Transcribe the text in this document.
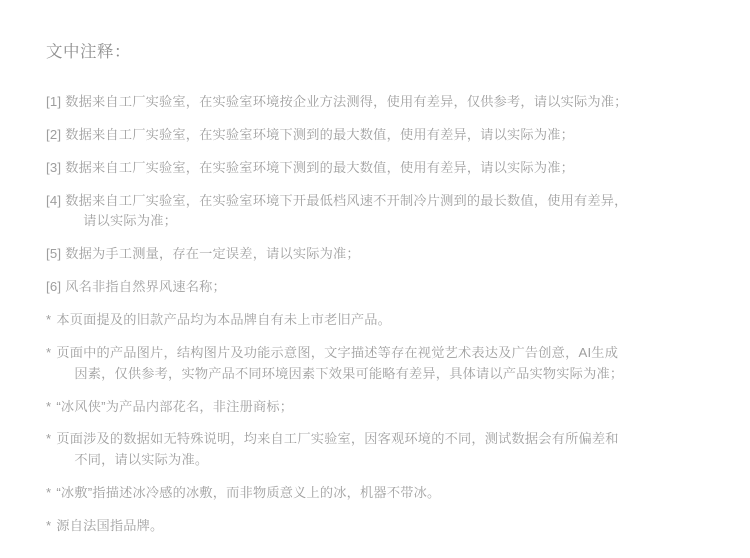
文中注释：
[1] 数据来自工厂实验室，在实验室环境按企业方法测得，使用有差异，仅供参考，请以实际为准；
[2] 数据来自工厂实验室，在实验室环境下测到的最大数值，使用有差异，请以实际为准；
[3] 数据来自工厂实验室，在实验室环境下测到的最大数值，使用有差异，请以实际为准；
[4] 数据来自工厂实验室，在实验室环境下开最低档风速不开制冷片测到的最长数值，使用有差异，
请以实际为准；
[5] 数据为手工测量，存在一定误差，请以实际为准；
[6] 风名非指自然界风速名称；
* 本页面提及的旧款产品均为本品牌自有未上市老旧产品。
* 页面中的产品图片，结构图片及功能示意图，文字描述等存在视觉艺术表达及广告创意，AI生成
因素，仅供参考，实物产品不同环境因素下效果可能略有差异，具体请以产品实物实际为准；
* “冰风侠”为产品内部花名，非注册商标；
* 页面涉及的数据如无特殊说明，均来自工厂实验室，因客观环境的不同，测试数据会有所偏差和
不同，请以实际为准。
* “冰敷”指描述冰冷感的冰敷，而非物质意义上的冰，机器不带冰。
* 源自法国指品牌。
